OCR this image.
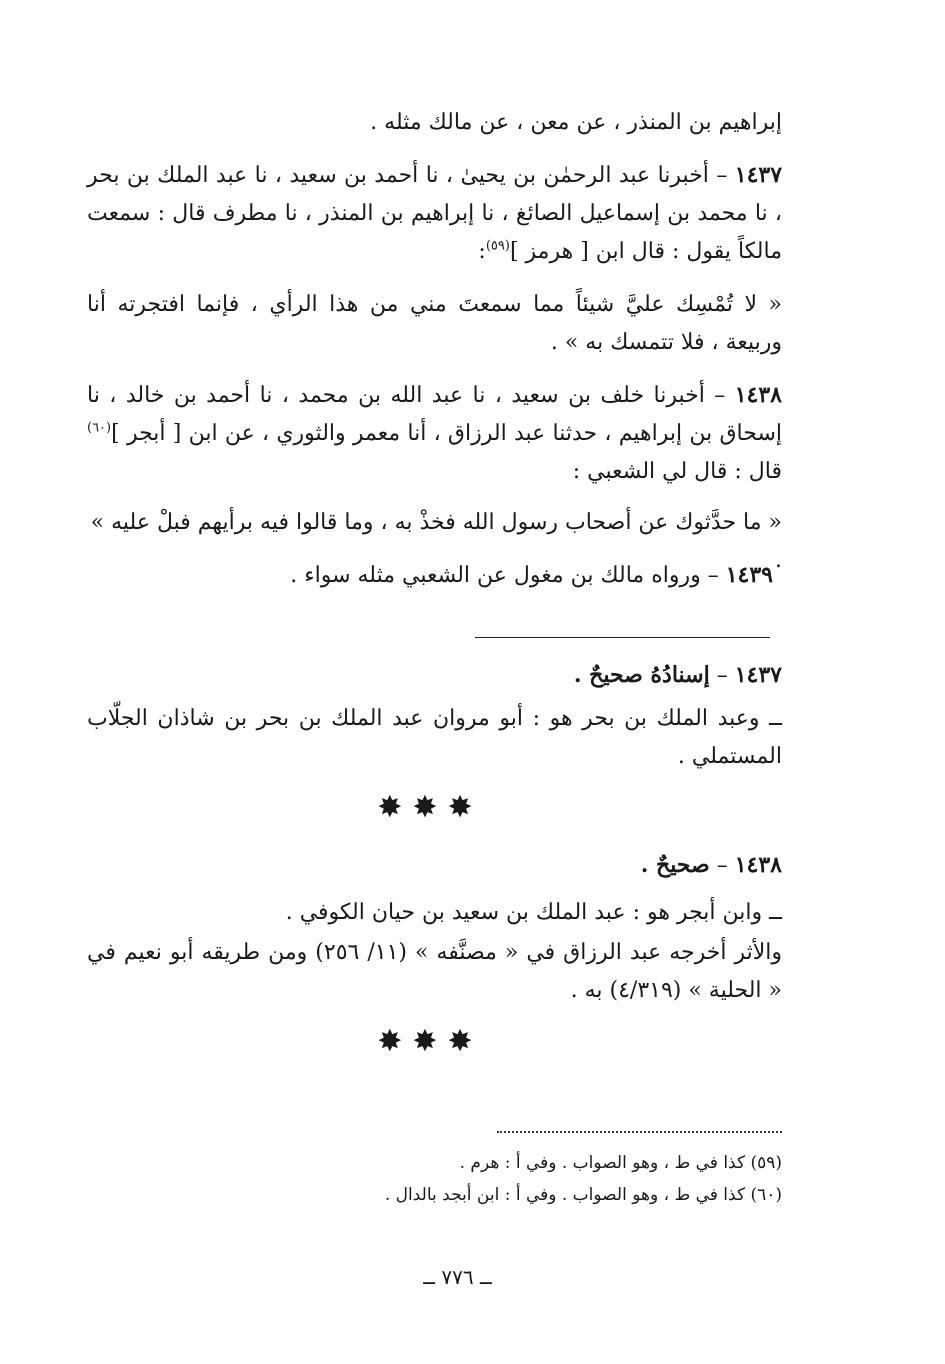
إبراهيم بن المنذر ، عن معن ، عن مالك مثله .

١٤٣٧ – أخبرنا عبد الرحمٰن بن يحيىٰ ، نا أحمد بن سعيد ، نا عبد الملك بن بحر ، نا محمد بن إسماعيل الصائغ ، نا إبراهيم بن المنذر ، نا مطرف قال : سمعت مالكاً يقول : قال ابن [ هرمز ]$^{(٥٩)}$:

« لا تُمْسِك عليَّ شيئاً مما سمعتَ مني من هذا الرأي ، فإنما افتجرته أنا وربيعة ، فلا تتمسك به » .

١٤٣٨ – أخبرنا خلف بن سعيد ، نا عبد الله بن محمد ، نا أحمد بن خالد ، نا إسحاق بن إبراهيم ، حدثنا عبد الرزاق ، أنا معمر والثوري ، عن ابن [ أبجر ]$^{(٦٠)}$ قال : قال لي الشعبي :

« ما حدَّثوك عن أصحاب رسول الله فخذْ به ، وما قالوا فيه برأيهم فبلْ عليه » .

١٤٣٩ – ورواه مالك بن مغول عن الشعبي مثله سواء .

١٤٣٧ – إسنادُهُ صحيحٌ .

ــ وعبد الملك بن بحر هو : أبو مروان عبد الملك بن بحر بن شاذان الجلّاب المستملي .

✸✸✸

١٤٣٨ – صحيحٌ .

ــ وابن أبجر هو : عبد الملك بن سعيد بن حيان الكوفي .

والأثر أخرجه عبد الرزاق في « مصنَّفه » (١١/ ٢٥٦) ومن طريقه أبو نعيم في « الحلية » (٤/٣١٩) به .

✸✸✸

(٥٩) كذا في ط ، وهو الصواب . وفي أ : هرم .

(٦٠) كذا في ط ، وهو الصواب . وفي أ : ابن أبجد بالدال .

ــ ٧٧٦ ــ
